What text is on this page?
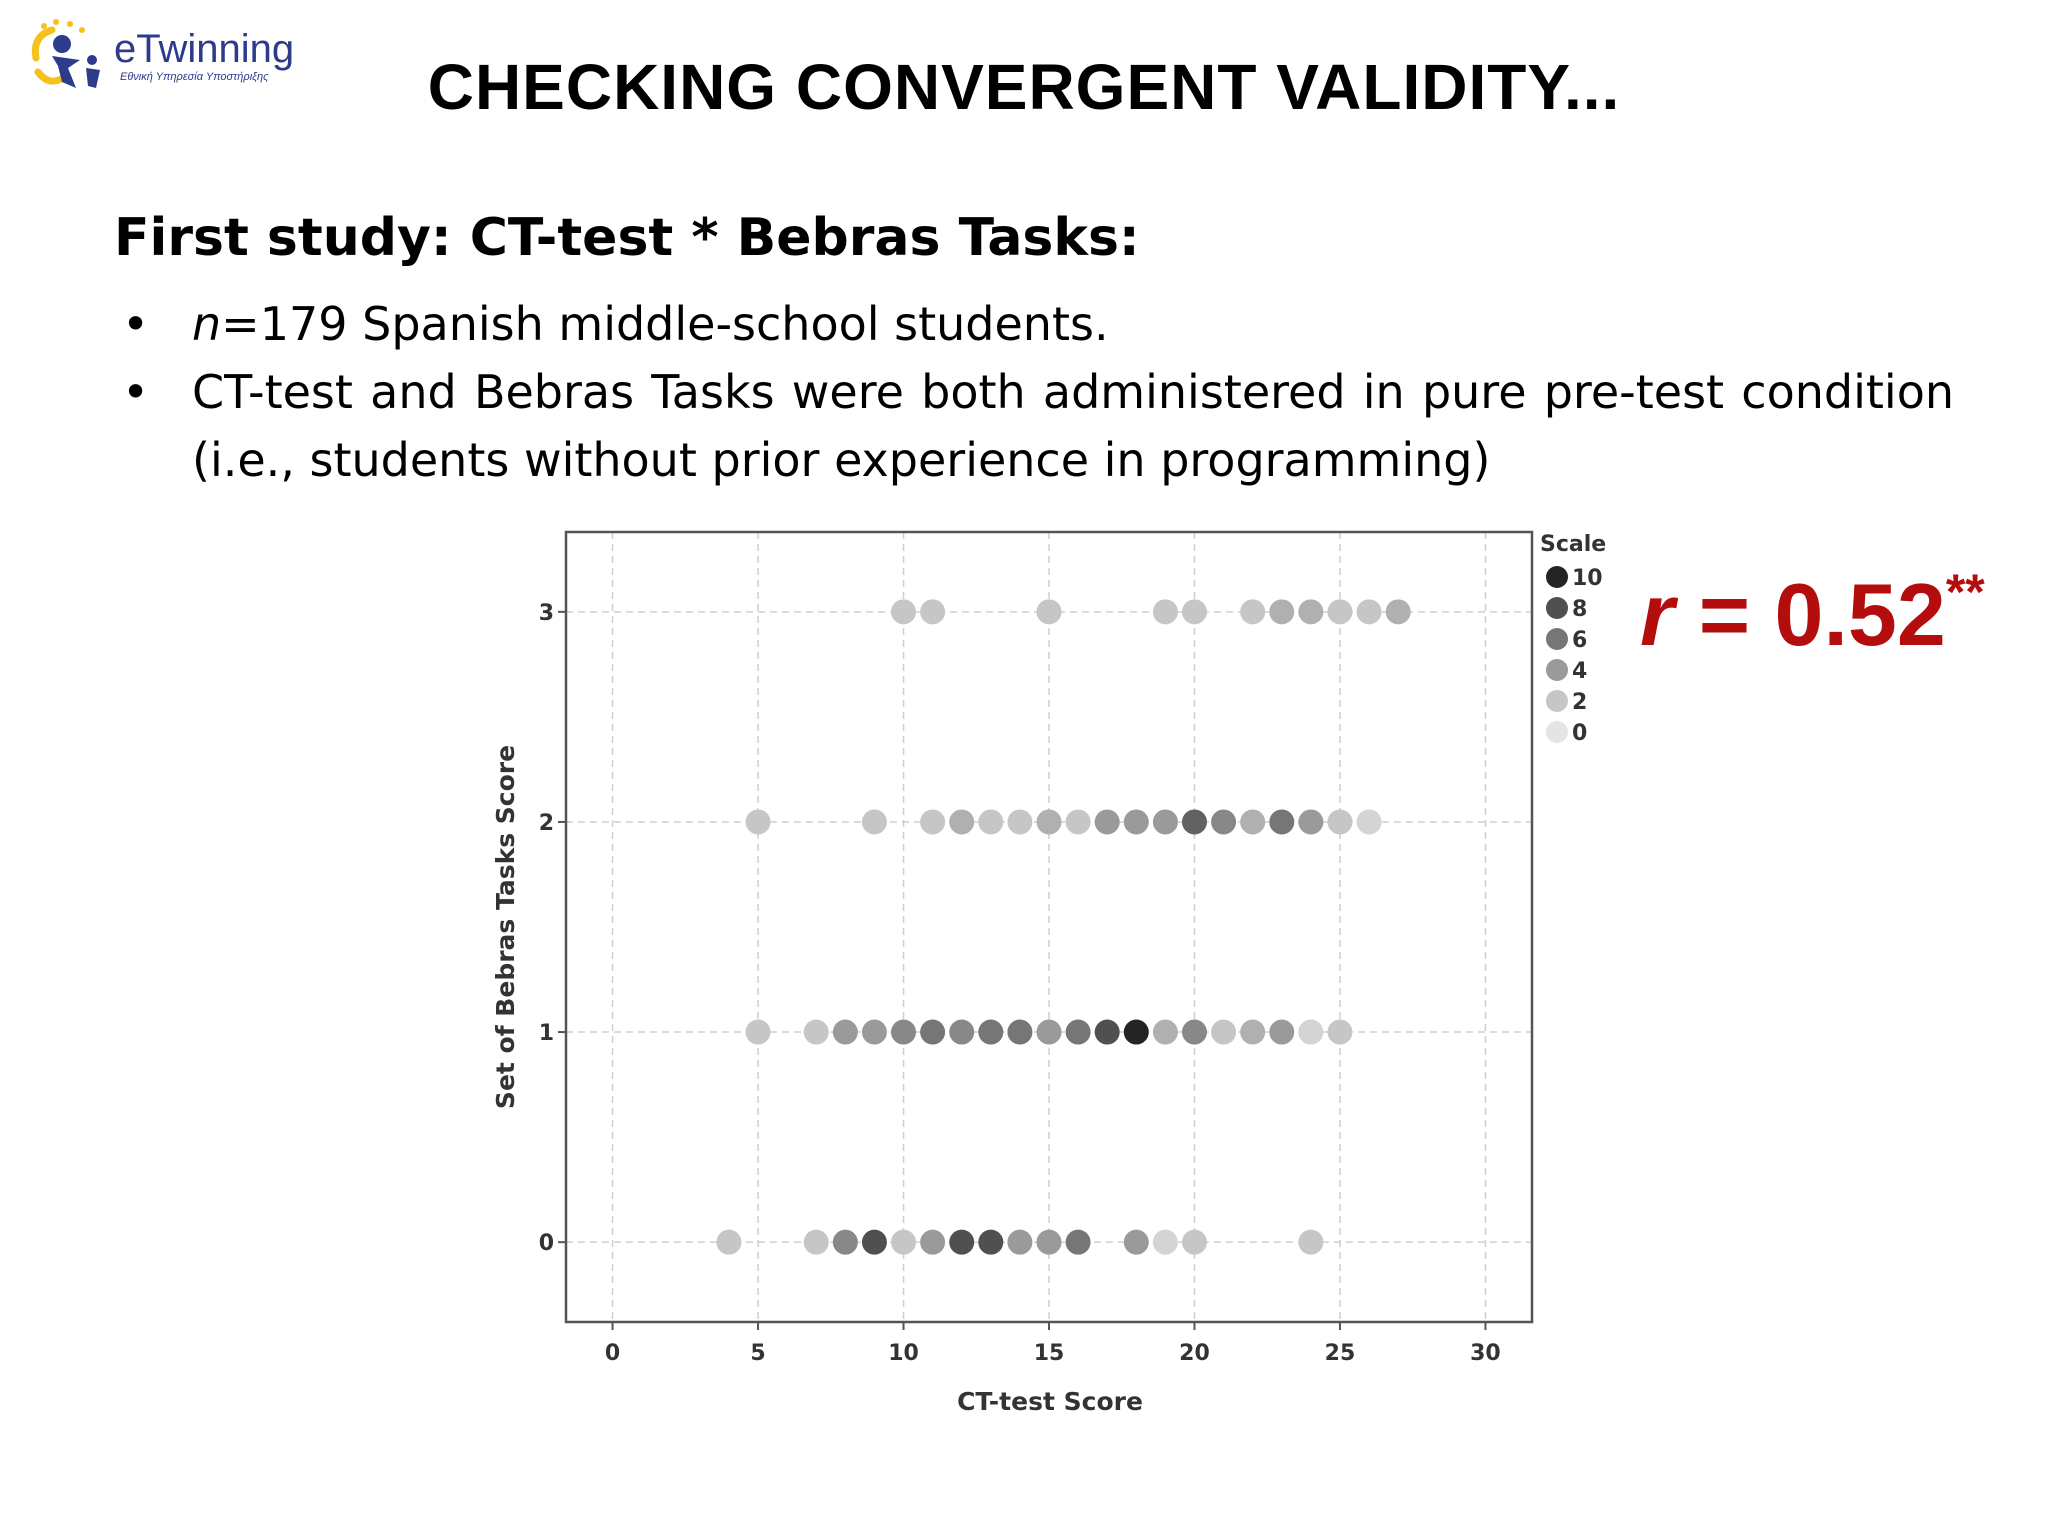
eTwinning
Εθνική Υπηρεσία Υποστήριξης	CHECKING CONVERGENT VALIDITY...
First study: CT-test * Bebras Tasks:
• n=179 Spanish middle-school students.
• CT-test and Bebras Tasks were both administered in pure pre-test condition (i.e., students without prior experience in programming)
r = 0.52**
0	5	10	15	20	25	30
0
1
2
3
Scale
10
8
6
4
2
0
CT-test Score
Set of Bebras Tasks Score
